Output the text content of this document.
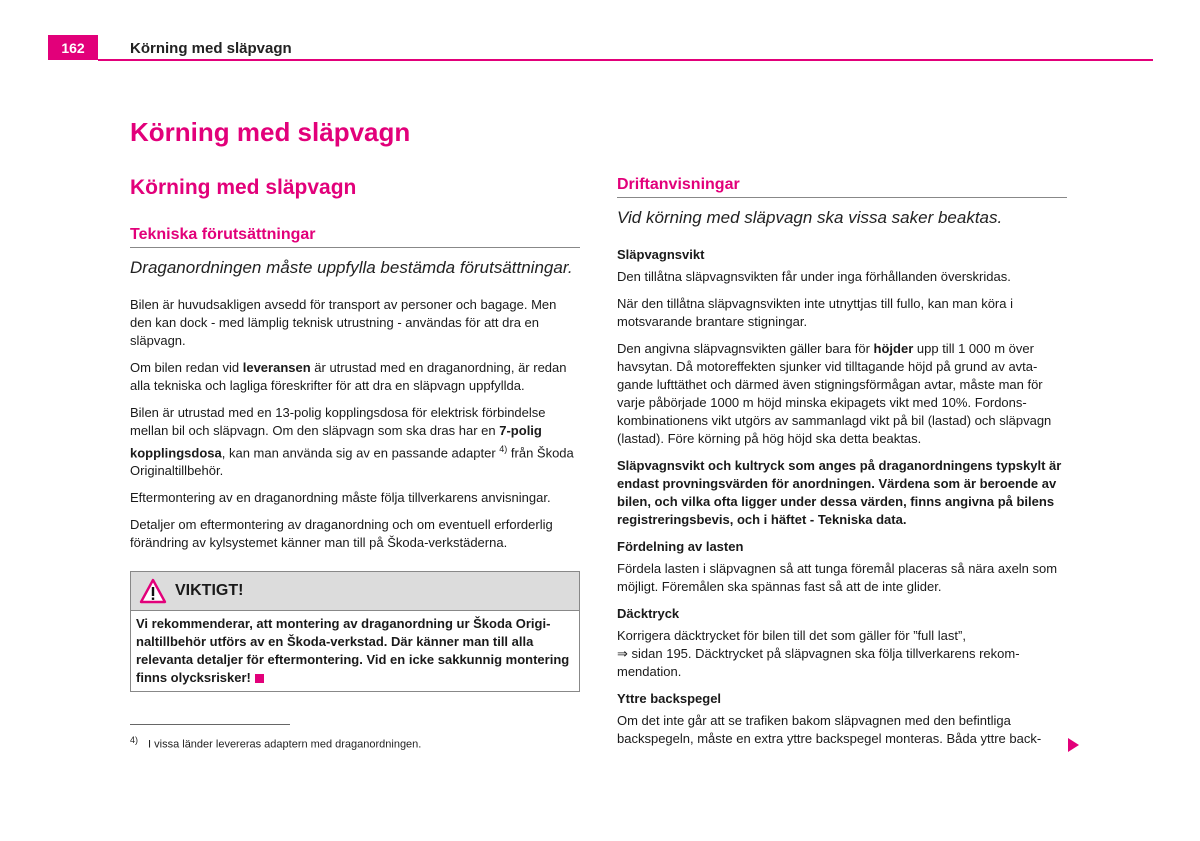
162	Körning med släpvagn
Körning med släpvagn
Körning med släpvagn
Tekniska förutsättningar
Draganordningen måste uppfylla bestämda förutsättningar.

Bilen är huvudsakligen avsedd för transport av personer och bagage. Men den kan dock - med lämplig teknisk utrustning - användas för att dra en släpvagn.

Om bilen redan vid leveransen är utrustad med en draganordning, är redan alla tekniska och lagliga föreskrifter för att dra en släpvagn uppfyllda.

Bilen är utrustad med en 13-polig kopplingsdosa för elektrisk förbindelse mellan bil och släpvagn. Om den släpvagn som ska dras har en 7-polig kopplingsdosa, kan man använda sig av en passande adapter $^{4)}$ från Škoda Originaltillbehör.

Eftermontering av en draganordning måste följa tillverkarens anvisningar.

Detaljer om eftermontering av draganordning och om eventuell erforderlig förändring av kylsystemet känner man till på Škoda-verkstäderna.

VIKTIGT!
Vi rekommenderar, att montering av draganordning ur Škoda Originaltillbehör utförs av en Škoda-verkstad. Där känner man till alla relevanta detaljer för eftermontering. Vid en icke sakkunnig montering finns olycksrisker!
$^{4)}$ I vissa länder levereras adaptern med draganordningen.
Driftanvisningar
Vid körning med släpvagn ska vissa saker beaktas.
Släpvagnsvikt

Den tillåtna släpvagnsvikten får under inga förhållanden överskridas.

När den tillåtna släpvagnsvikten inte utnyttjas till fullo, kan man köra i motsvarande brantare stigningar.

Den angivna släpvagnsvikten gäller bara för höjder upp till 1 000 m över havsytan. Då motoreffekten sjunker vid tilltagande höjd på grund av avtagande lufttäthet och därmed även stigningsförmågan avtar, måste man för varje påbörjade 1000 m höjd minska ekipagets vikt med 10%. Fordonskombinationens vikt utgörs av sammanlagd vikt på bil (lastad) och släpvagn (lastad). Före körning på hög höjd ska detta beaktas.

Släpvagnsvikt och kultryck som anges på draganordningens typskylt är endast provningsvärden för anordningen. Värdena som är beroende av bilen, och vilka ofta ligger under dessa värden, finns angivna på bilens registreringsbevis, och i häftet - Tekniska data.

Fördelning av lasten

Fördela lasten i släpvagnen så att tunga föremål placeras så nära axeln som möjligt. Föremålen ska spännas fast så att de inte glider.

Däcktryck

Korrigera däcktrycket för bilen till det som gäller för ”full last”,
⇒ sidan 195. Däcktrycket på släpvagnen ska följa tillverkarens rekommendation.

Yttre backspegel

Om det inte går att se trafiken bakom släpvagnen med den befintliga backspegeln, måste en extra yttre backspegel monteras. Båda yttre back-
